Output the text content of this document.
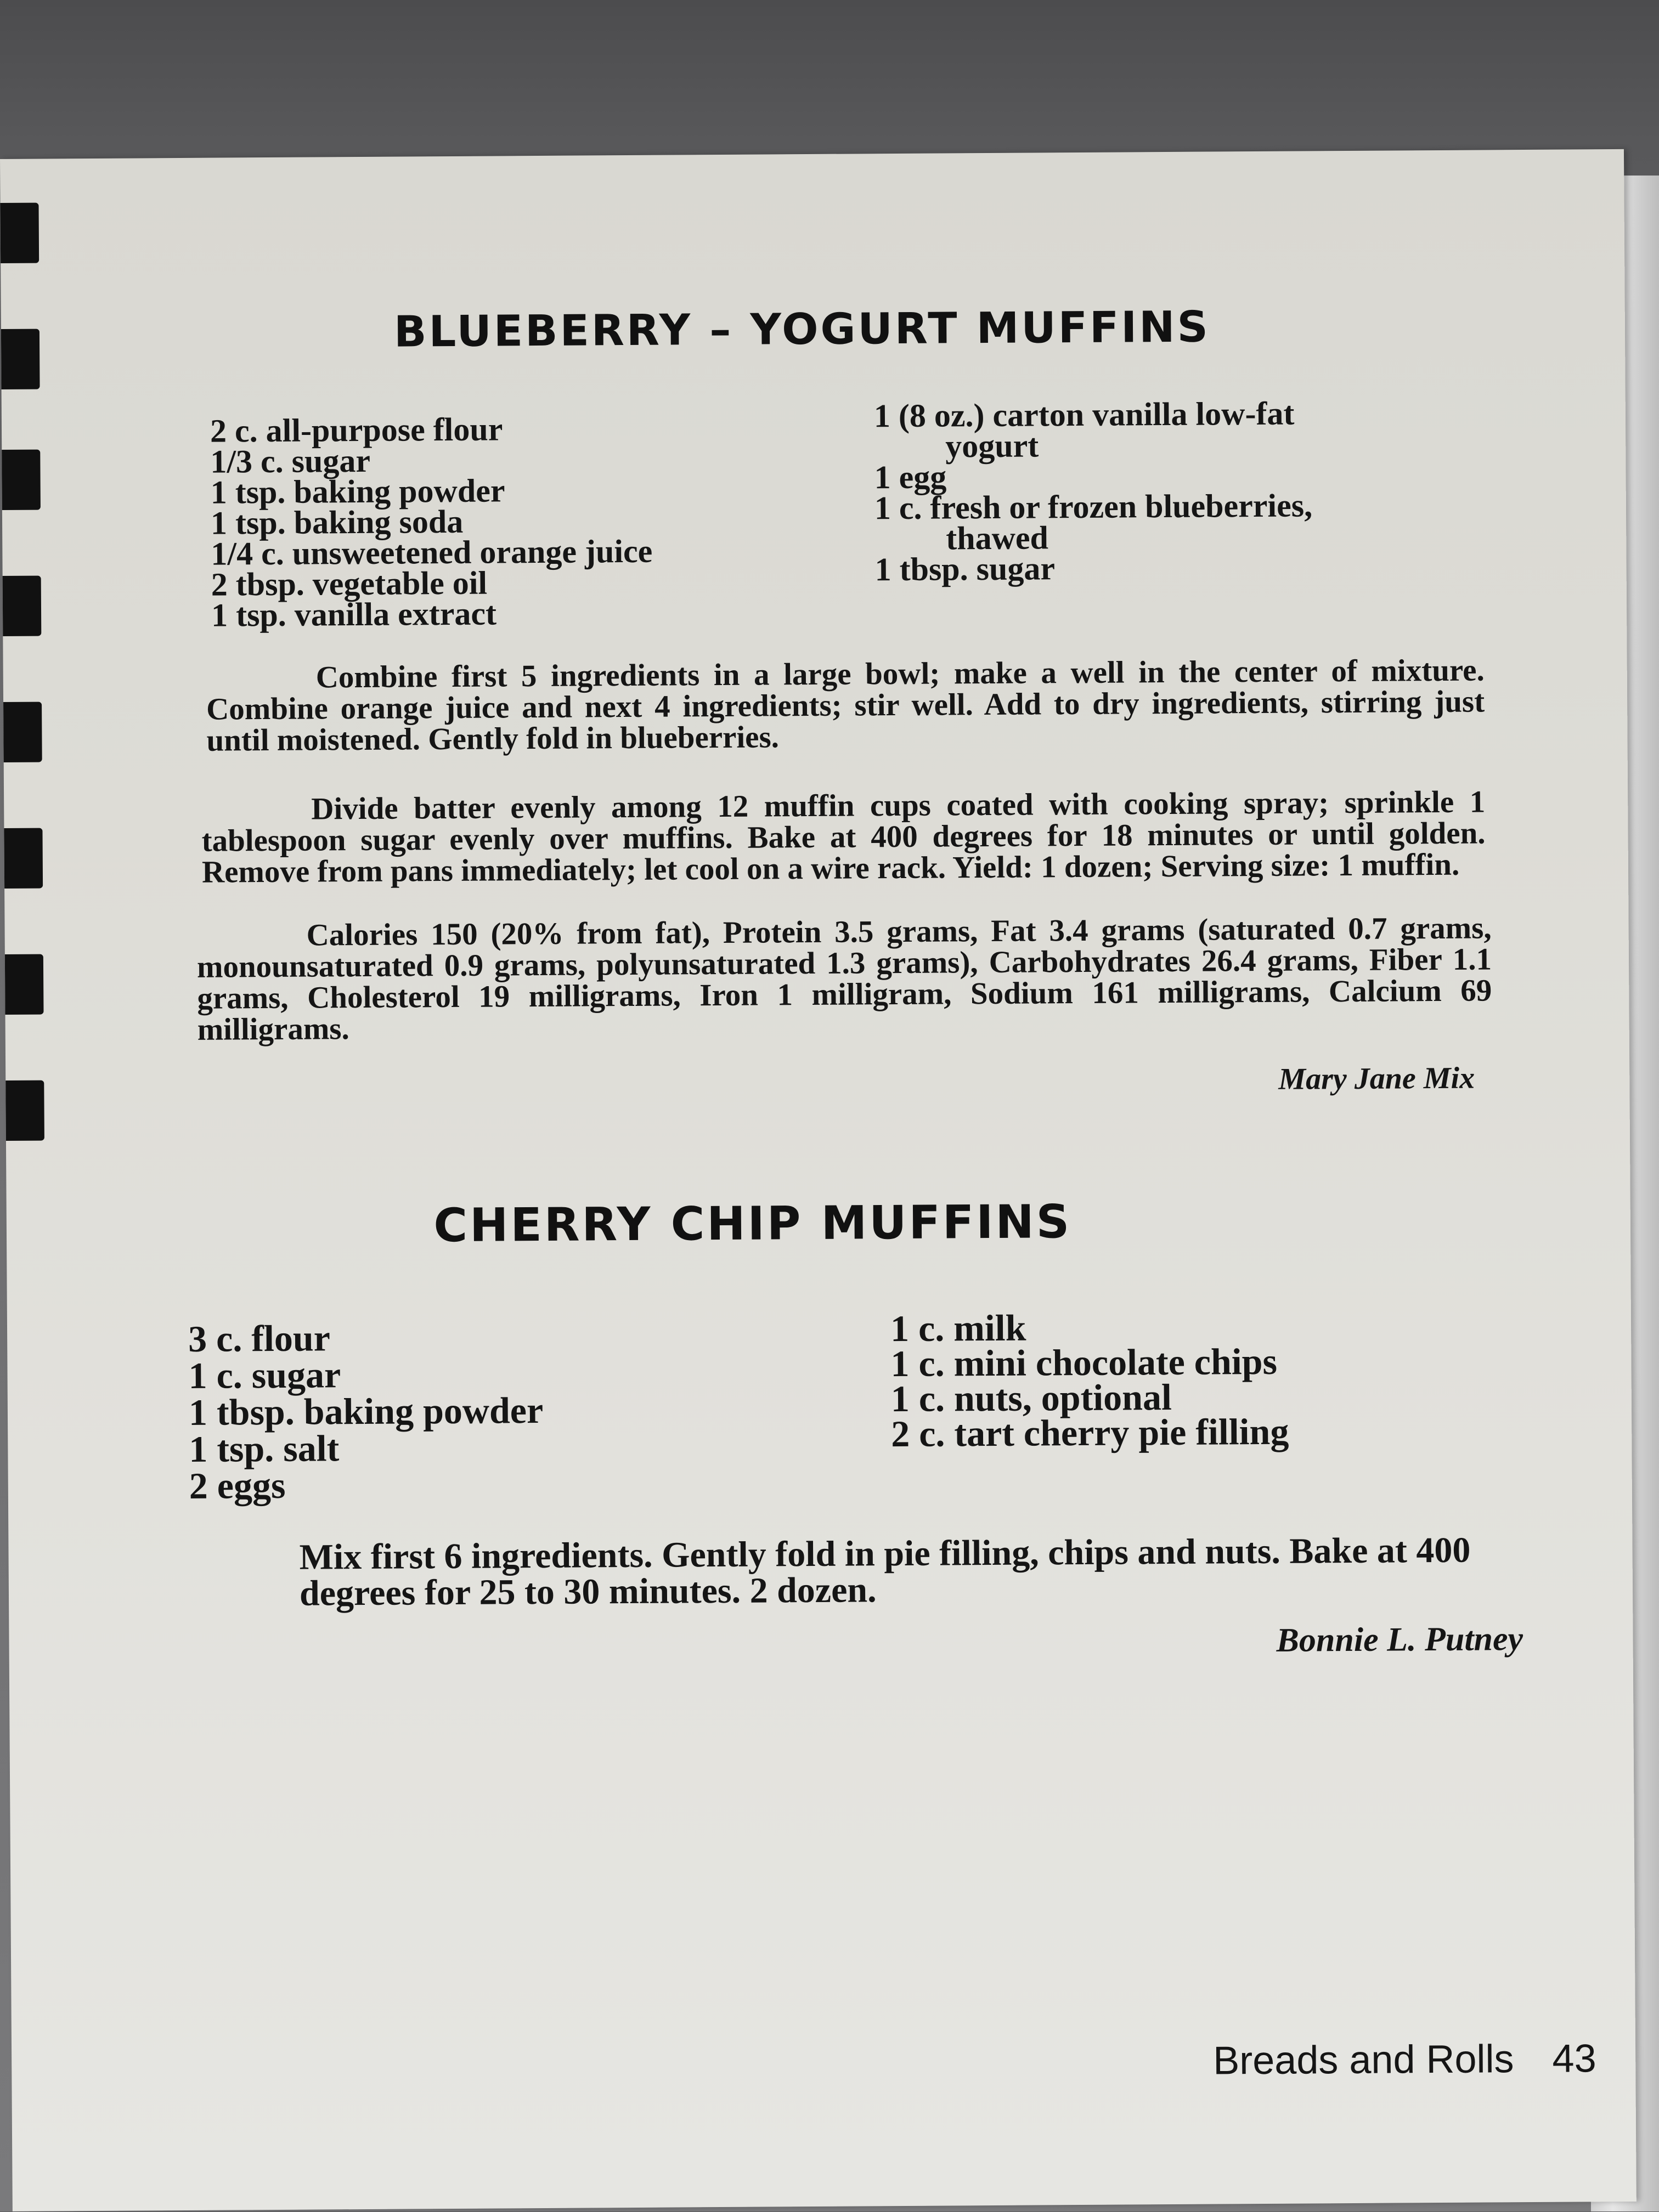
BLUEBERRY – YOGURT MUFFINS
2 c. all-purpose flour
1/3 c. sugar
1 tsp. baking powder
1 tsp. baking soda
1/4 c. unsweetened orange juice
2 tbsp. vegetable oil
1 tsp. vanilla extract
1 (8 oz.) carton vanilla low-fat
yogurt
1 egg
1 c. fresh or frozen blueberries,
thawed
1 tbsp. sugar

Combine first 5 ingredients in a large bowl; make a well in the center of mixture. Combine orange juice and next 4 ingredients; stir well. Add to dry ingredients, stirring just until moistened. Gently fold in blueberries.

Divide batter evenly among 12 muffin cups coated with cooking spray; sprinkle 1 tablespoon sugar evenly over muffins. Bake at 400 degrees for 18 minutes or until golden. Remove from pans immediately; let cool on a wire rack. Yield: 1 dozen; Serving size: 1 muffin.

Calories 150 (20% from fat), Protein 3.5 grams, Fat 3.4 grams (saturated 0.7 grams, monounsaturated 0.9 grams, polyunsaturated 1.3 grams), Carbohydrates 26.4 grams, Fiber 1.1 grams, Cholesterol 19 milligrams, Iron 1 milligram, Sodium 161 milligrams, Calcium 69 milligrams.

Mary Jane Mix

CHERRY CHIP MUFFINS
3 c. flour
1 c. sugar
1 tbsp. baking powder
1 tsp. salt
2 eggs
1 c. milk
1 c. mini chocolate chips
1 c. nuts, optional
2 c. tart cherry pie filling

Mix first 6 ingredients. Gently fold in pie filling, chips and nuts. Bake at 400 degrees for 25 to 30 minutes. 2 dozen.

Bonnie L. Putney

Breads and Rolls 43
